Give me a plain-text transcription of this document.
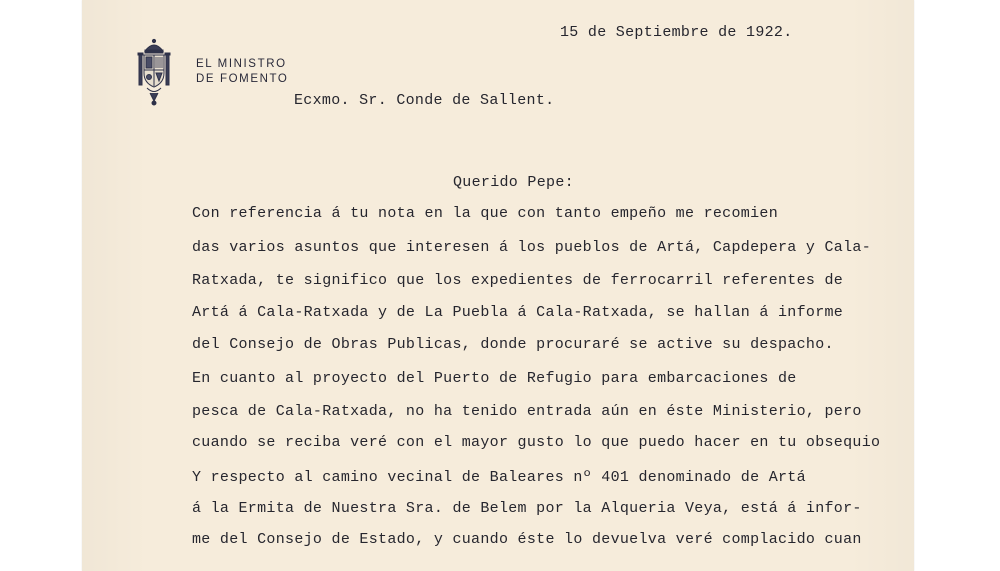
EL MINISTRO
DE FOMENTO
15 de Septiembre de 1922.
Ecxmo. Sr. Conde de Sallent.
Querido Pepe:
Con referencia á tu nota en la que con tanto empeño me recomien
das varios asuntos que interesen á los pueblos de Artá, Capdepera y Cala-
Ratxada, te significo que los expedientes de ferrocarril referentes de
Artá á Cala-Ratxada y de La Puebla á Cala-Ratxada, se hallan á informe
del Consejo de Obras Publicas, donde procuraré se active su despacho.
En cuanto al proyecto del Puerto de Refugio para embarcaciones de
pesca de Cala-Ratxada, no ha tenido entrada aún en éste Ministerio, pero
cuando se reciba veré con el mayor gusto lo que puedo hacer en tu obsequio
Y respecto al camino vecinal de Baleares nº 401 denominado de Artá
á la Ermita de Nuestra Sra. de Belem por la Alqueria Veya, está á infor-
me del Consejo de Estado, y cuando éste lo devuelva veré complacido cuan
